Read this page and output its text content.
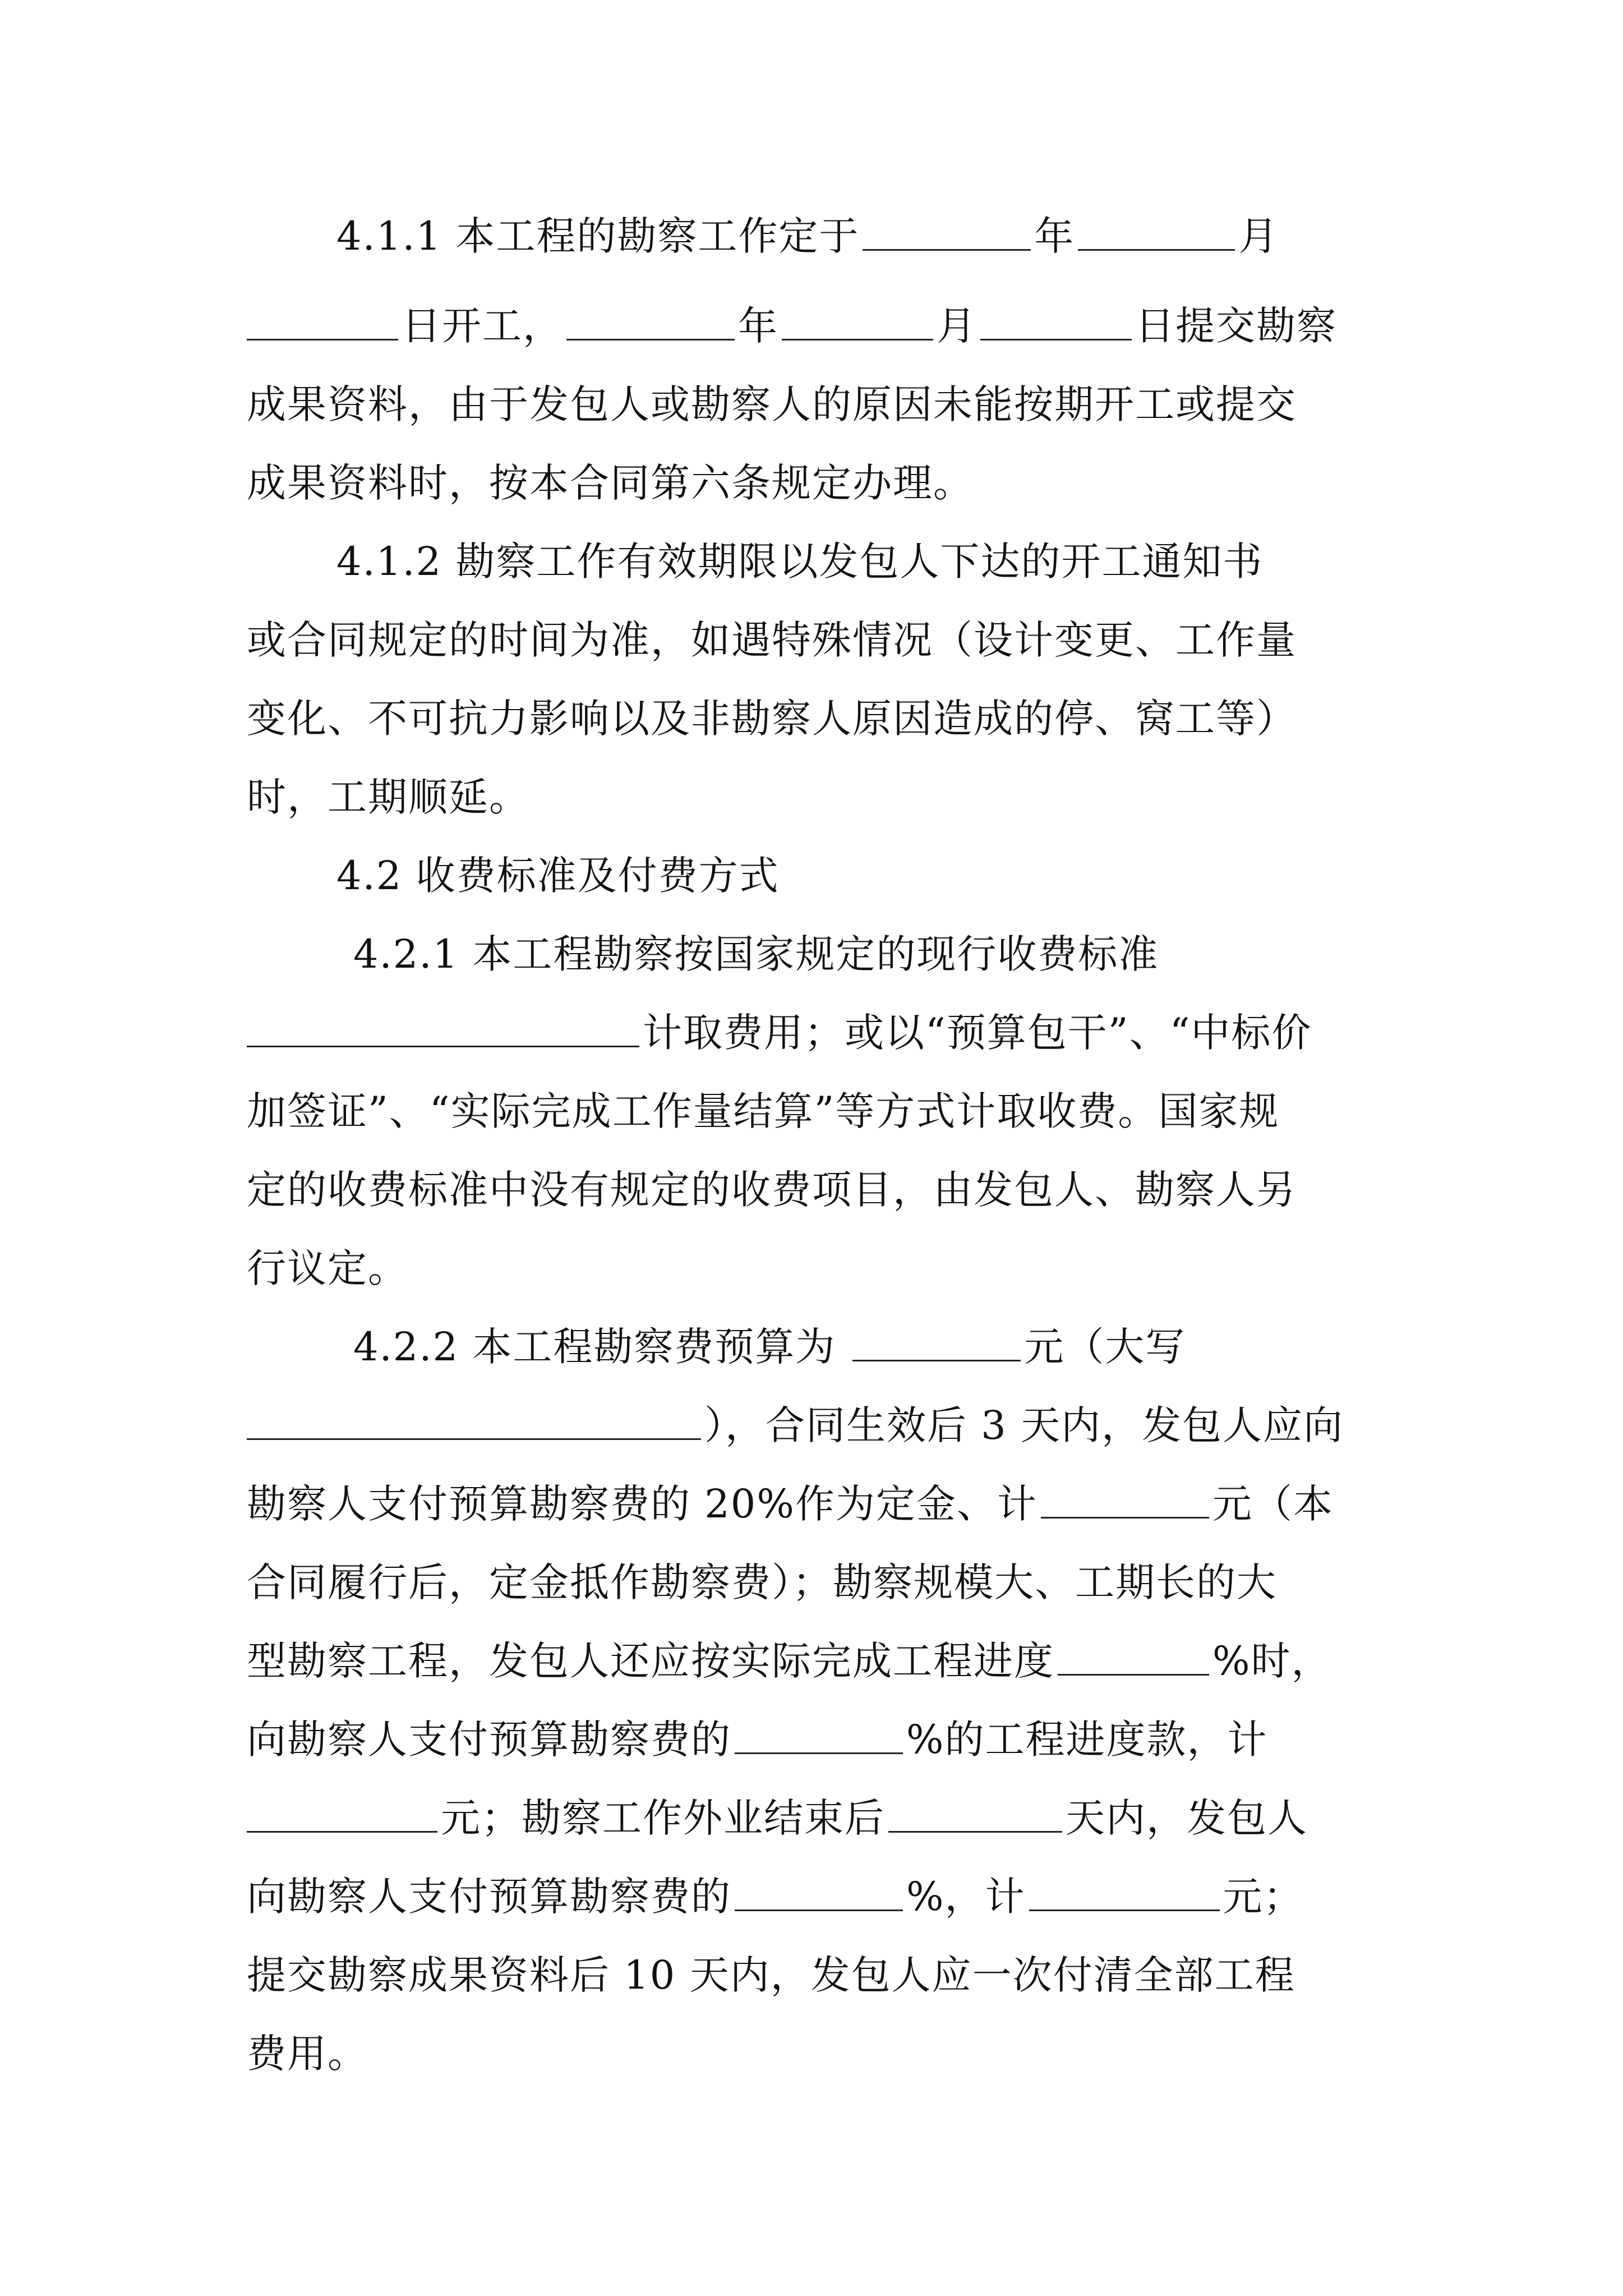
4.1.1 本工程的勘察工作定于	年	月
日开工，	年	月	日提交勘察
成果资料，由于发包人或勘察人的原因未能按期开工或提交
成果资料时，按本合同第六条规定办理。
4.1.2 勘察工作有效期限以发包人下达的开工通知书
或合同规定的时间为准，如遇特殊情况（设计变更、工作量
变化、不可抗力影响以及非勘察人原因造成的停、窝工等）
时，工期顺延。
4.2 收费标准及付费方式
4.2.1 本工程勘察按国家规定的现行收费标准
计取费用；或以“预算包干”、“中标价
加签证”、“实际完成工作量结算”等方式计取收费。国家规
定的收费标准中没有规定的收费项目，由发包人、勘察人另
行议定。
4.2.2 本工程勘察费预算为	元（大写
），合同生效后 3 天内，发包人应向
勘察人支付预算勘察费的 20%作为定金、计	元（本
合同履行后，定金抵作勘察费）；勘察规模大、工期长的大
型勘察工程，发包人还应按实际完成工程进度	%时，
向勘察人支付预算勘察费的	%的工程进度款，计
元；勘察工作外业结束后	天内，发包人
向勘察人支付预算勘察费的	%，计	元；
提交勘察成果资料后 10 天内，发包人应一次付清全部工程
费用。
